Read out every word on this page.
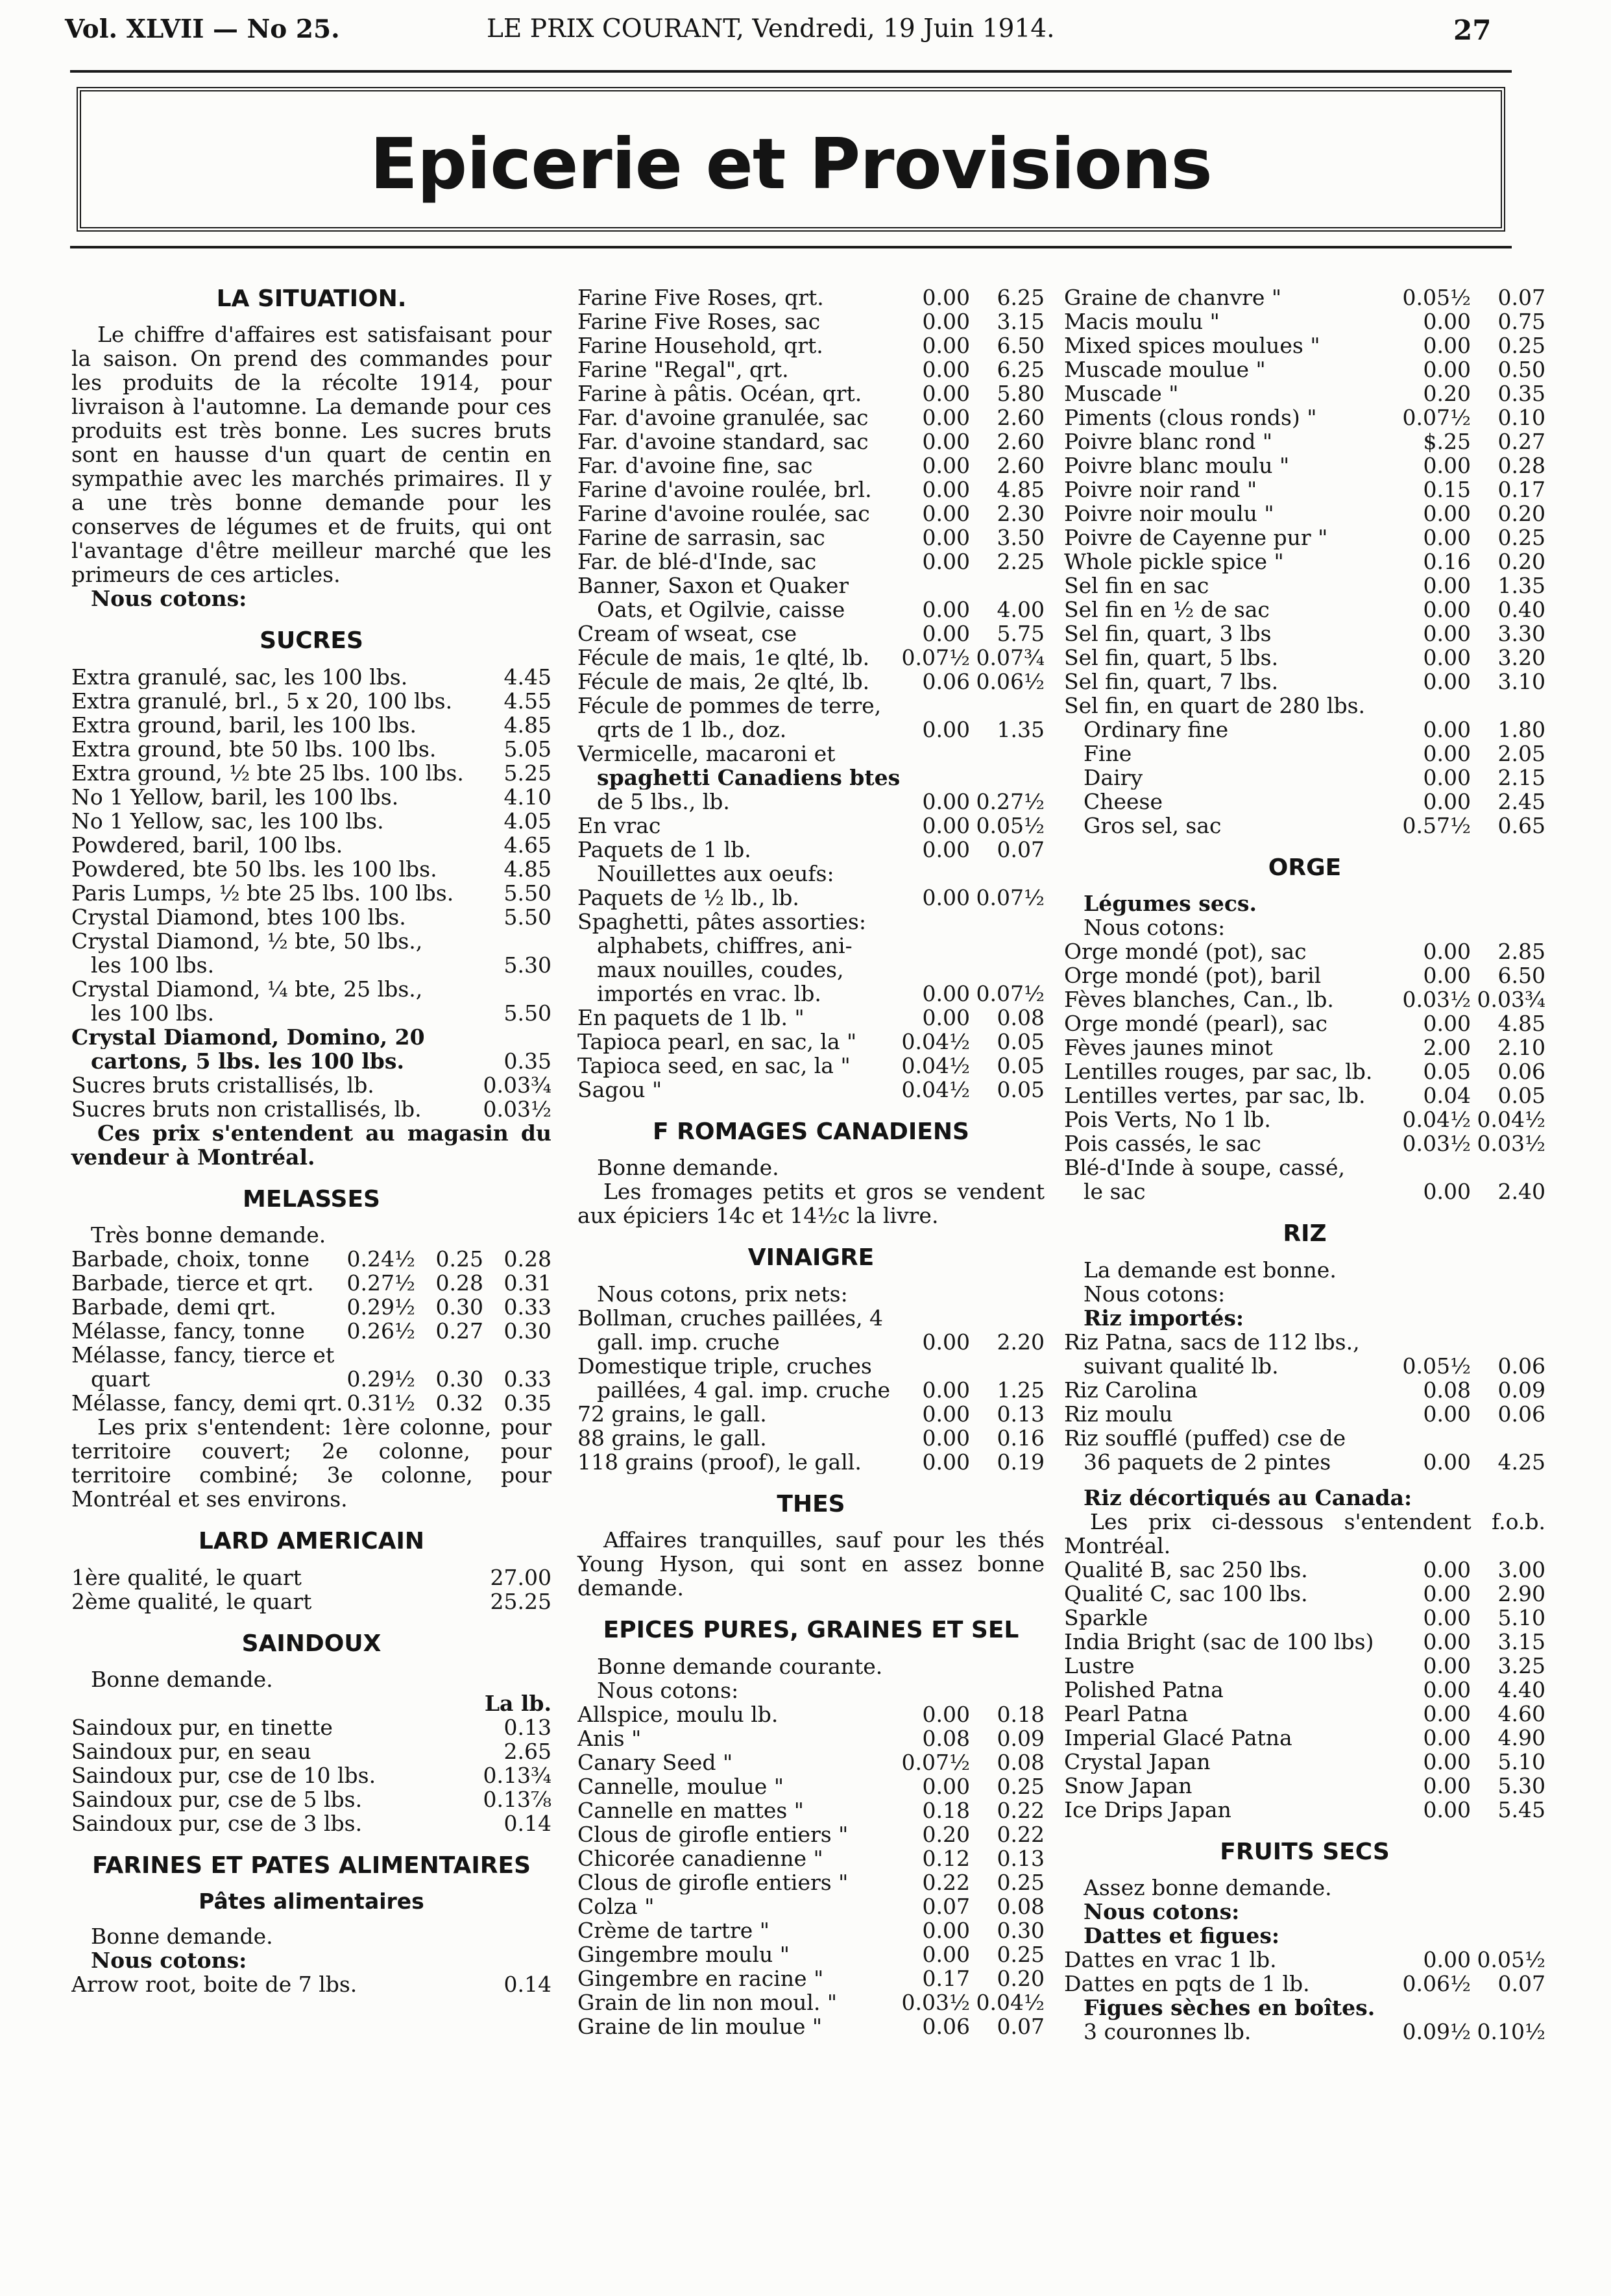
Vol. XLVII — No 25.	LE PRIX COURANT, Vendredi, 19 Juin 1914.	27
Epicerie et Provisions
LA SITUATION.
Le chiffre d'affaires est satisfaisant pour la saison. On prend des commandes pour les produits de la récolte 1914, pour livraison à l'automne. La demande pour ces produits est très bonne. Les sucres bruts sont en hausse d'un quart de centin en sympathie avec les marchés primaires. Il y a une très bonne demande pour les conserves de légumes et de fruits, qui ont l'avantage d'être meilleur marché que les primeurs de ces articles.
Nous cotons:
SUCRES
Extra granulé, sac, les 100 lbs.	4.45
Extra granulé, brl., 5 x 20, 100 lbs. 4.55
Extra ground, baril, les 100 lbs.	4.85
Extra ground, bte 50 lbs. 100 lbs.	5.05
Extra ground, ½ bte 25 lbs. 100 lbs. 5.25
No 1 Yellow, baril, les 100 lbs.	4.10
No 1 Yellow, sac, les 100 lbs.	4.05
Powdered, baril, 100 lbs.	4.65
Powdered, bte 50 lbs. les 100 lbs.	4.85
Paris Lumps, ½ bte 25 lbs. 100 lbs. 5.50
Crystal Diamond, btes 100 lbs.	5.50
Crystal Diamond, ½ bte, 50 lbs.,
les 100 lbs.	5.30
Crystal Diamond, ¼ bte, 25 lbs.,
les 100 lbs.	5.50
Crystal Diamond, Domino, 20
cartons, 5 lbs. les 100 lbs.	0.35
Sucres bruts cristallisés, lb.	0.03¾
Sucres bruts non cristallisés, lb.	0.03½
Ces prix s'entendent au magasin du vendeur à Montréal.
MELASSES
Très bonne demande.
Barbade, choix, tonne 0.24½ 0.25 0.28
Barbade, tierce et qrt. 0.27½ 0.28 0.31
Barbade, demi qrt.	0.29½ 0.30 0.33
Mélasse, fancy, tonne 0.26½ 0.27 0.30
Mélasse, fancy, tierce et
quart	0.29½ 0.30 0.33
Mélasse, fancy, demi qrt. 0.31½ 0.32 0.35
Les prix s'entendent: 1ère colonne, pour territoire couvert; 2e colonne, pour territoire combiné; 3e colonne, pour Montréal et ses environs.
LARD AMERICAIN
1ère qualité, le quart	27.00
2ème qualité, le quart	25.25
SAINDOUX
Bonne demande.
La lb.
Saindoux pur, en tinette	0.13
Saindoux pur, en seau	2.65
Saindoux pur, cse de 10 lbs.	0.13¾
Saindoux pur, cse de 5 lbs.	0.13⅞
Saindoux pur, cse de 3 lbs.	0.14
FARINES ET PATES ALIMENTAIRES
Pâtes alimentaires
Bonne demande.
Nous cotons:
Arrow root, boite de 7 lbs.	0.14
Farine Five Roses, qrt.	0.00 6.25
Farine Five Roses, sac	0.00 3.15
Farine Household, qrt.	0.00 6.50
Farine "Regal", qrt.	0.00 6.25
Farine à pâtis. Océan, qrt.	0.00 5.80
Far. d'avoine granulée, sac	0.00 2.60
Far. d'avoine standard, sac	0.00 2.60
Far. d'avoine fine, sac	0.00 2.60
Farine d'avoine roulée, brl. 0.00 4.85
Farine d'avoine roulée, sac 0.00 2.30
Farine de sarrasin, sac	0.00 3.50
Far. de blé-d'Inde, sac	0.00 2.25
Banner, Saxon et Quaker
Oats, et Ogilvie, caisse	0.00 4.00
Cream of wseat, cse	0.00 5.75
Fécule de mais, 1e qlté, lb. 0.07½ 0.07¾
Fécule de mais, 2e qlté, lb. 0.06 0.06½
Fécule de pommes de terre,
qrts de 1 lb., doz.	0.00 1.35
Vermicelle, macaroni et
spaghetti Canadiens btes
de 5 lbs., lb.	0.00 0.27½
En vrac	0.00 0.05½
Paquets de 1 lb.	0.00 0.07
Nouillettes aux oeufs:
Paquets de ½ lb., lb.	0.00 0.07½
Spaghetti, pâtes assorties:
alphabets, chiffres, ani-
maux nouilles, coudes,
importés en vrac. lb.	0.00 0.07½
En paquets de 1 lb. "	0.00 0.08
Tapioca pearl, en sac, la " 0.04½ 0.05
Tapioca seed, en sac, la " 0.04½ 0.05
Sagou "	0.04½ 0.05
F ROMAGES CANADIENS
Bonne demande.
Les fromages petits et gros se vendent aux épiciers 14c et 14½c la livre.
VINAIGRE
Nous cotons, prix nets:
Bollman, cruches paillées, 4
gall. imp. cruche	0.00 2.20
Domestique triple, cruches
paillées, 4 gal. imp. cruche 0.00 1.25
72 grains, le gall.	0.00 0.13
88 grains, le gall.	0.00 0.16
118 grains (proof), le gall.	0.00 0.19
THES
Affaires tranquilles, sauf pour les thés Young Hyson, qui sont en assez bonne demande.
EPICES PURES, GRAINES ET SEL
Bonne demande courante.
Nous cotons:
Allspice, moulu lb.	0.00 0.18
Anis "	0.08 0.09
Canary Seed "	0.07½ 0.08
Cannelle, moulue "	0.00 0.25
Cannelle en mattes "	0.18 0.22
Clous de girofle entiers "	0.20 0.22
Chicorée canadienne "	0.12 0.13
Clous de girofle entiers "	0.22 0.25
Colza "	0.07 0.08
Crème de tartre "	0.00 0.30
Gingembre moulu "	0.00 0.25
Gingembre en racine "	0.17 0.20
Grain de lin non moul. "	0.03½ 0.04½
Graine de lin moulue "	0.06 0.07
Graine de chanvre "	0.05½ 0.07
Macis moulu "	0.00 0.75
Mixed spices moulues "	0.00 0.25
Muscade moulue "	0.00 0.50
Muscade "	0.20 0.35
Piments (clous ronds) "	0.07½ 0.10
Poivre blanc rond "	$.25 0.27
Poivre blanc moulu "	0.00 0.28
Poivre noir rand "	0.15 0.17
Poivre noir moulu "	0.00 0.20
Poivre de Cayenne pur "	0.00 0.25
Whole pickle spice "	0.16 0.20
Sel fin en sac	0.00 1.35
Sel fin en ½ de sac	0.00 0.40
Sel fin, quart, 3 lbs	0.00 3.30
Sel fin, quart, 5 lbs.	0.00 3.20
Sel fin, quart, 7 lbs.	0.00 3.10
Sel fin, en quart de 280 lbs.
Ordinary fine	0.00 1.80
Fine	0.00 2.05
Dairy	0.00 2.15
Cheese	0.00 2.45
Gros sel, sac	0.57½ 0.65
ORGE
Légumes secs.
Nous cotons:
Orge mondé (pot), sac	0.00 2.85
Orge mondé (pot), baril	0.00 6.50
Fèves blanches, Can., lb.	0.03½ 0.03¾
Orge mondé (pearl), sac	0.00 4.85
Fèves jaunes minot	2.00 2.10
Lentilles rouges, par sac, lb. 0.05 0.06
Lentilles vertes, par sac, lb.	0.04 0.05
Pois Verts, No 1 lb.	0.04½ 0.04½
Pois cassés, le sac	0.03½ 0.03½
Blé-d'Inde à soupe, cassé,
le sac	0.00 2.40
RIZ
La demande est bonne.
Nous cotons:
Riz importés:
Riz Patna, sacs de 112 lbs.,
suivant qualité lb.	0.05½ 0.06
Riz Carolina	0.08 0.09
Riz moulu	0.00 0.06
Riz soufflé (puffed) cse de
36 paquets de 2 pintes	0.00 4.25
Riz décortiqués au Canada:
Les prix ci-dessous s'entendent f.o.b. Montréal.
Qualité B, sac 250 lbs.	0.00 3.00
Qualité C, sac 100 lbs.	0.00 2.90
Sparkle	0.00 5.10
India Bright (sac de 100 lbs) 0.00 3.15
Lustre	0.00 3.25
Polished Patna	0.00 4.40
Pearl Patna	0.00 4.60
Imperial Glacé Patna	0.00 4.90
Crystal Japan	0.00 5.10
Snow Japan	0.00 5.30
Ice Drips Japan	0.00 5.45
FRUITS SECS
Assez bonne demande.
Nous cotons:
Dattes et figues:
Dattes en vrac 1 lb.	0.00 0.05½
Dattes en pqts de 1 lb.	0.06½ 0.07
Figues sèches en boîtes.
3 couronnes lb.	0.09½ 0.10½
